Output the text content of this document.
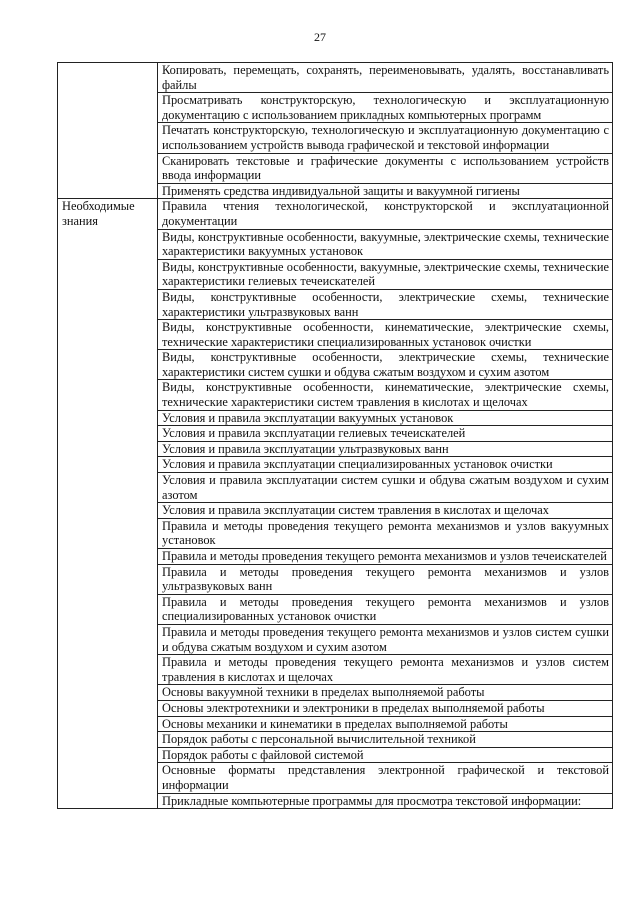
27
	Копировать, перемещать, сохранять, переименовывать, удалять, восстанавливать файлы
	Просматривать конструкторскую, технологическую и эксплуатационную документацию с использованием прикладных компьютерных программ
	Печатать конструкторскую, технологическую и эксплуатационную документацию с использованием устройств вывода графической и текстовой информации
	Сканировать текстовые и графические документы с использованием устройств ввода информации
	Применять средства индивидуальной защиты и вакуумной гигиены
Необходимые знания	Правила чтения технологической, конструкторской и эксплуатационной документации
	Виды, конструктивные особенности, вакуумные, электрические схемы, технические характеристики вакуумных установок
	Виды, конструктивные особенности, вакуумные, электрические схемы, технические характеристики гелиевых течеискателей
	Виды, конструктивные особенности, электрические схемы, технические характеристики ультразвуковых ванн
	Виды, конструктивные особенности, кинематические, электрические схемы, технические характеристики специализированных установок очистки
	Виды, конструктивные особенности, электрические схемы, технические характеристики систем сушки и обдува сжатым воздухом и сухим азотом
	Виды, конструктивные особенности, кинематические, электрические схемы, технические характеристики систем травления в кислотах и щелочах
	Условия и правила эксплуатации вакуумных установок
	Условия и правила эксплуатации гелиевых течеискателей
	Условия и правила эксплуатации ультразвуковых ванн
	Условия и правила эксплуатации специализированных установок очистки
	Условия и правила эксплуатации систем сушки и обдува сжатым воздухом и сухим азотом
	Условия и правила эксплуатации систем травления в кислотах и щелочах
	Правила и методы проведения текущего ремонта механизмов и узлов вакуумных установок
	Правила и методы проведения текущего ремонта механизмов и узлов течеискателей
	Правила и методы проведения текущего ремонта механизмов и узлов ультразвуковых ванн
	Правила и методы проведения текущего ремонта механизмов и узлов специализированных установок очистки
	Правила и методы проведения текущего ремонта механизмов и узлов систем сушки и обдува сжатым воздухом и сухим азотом
	Правила и методы проведения текущего ремонта механизмов и узлов систем травления в кислотах и щелочах
	Основы вакуумной техники в пределах выполняемой работы
	Основы электротехники и электроники в пределах выполняемой работы
	Основы механики и кинематики в пределах выполняемой работы
	Порядок работы с персональной вычислительной техникой
	Порядок работы с файловой системой
	Основные форматы представления электронной графической и текстовой информации
	Прикладные компьютерные программы для просмотра текстовой информации:
